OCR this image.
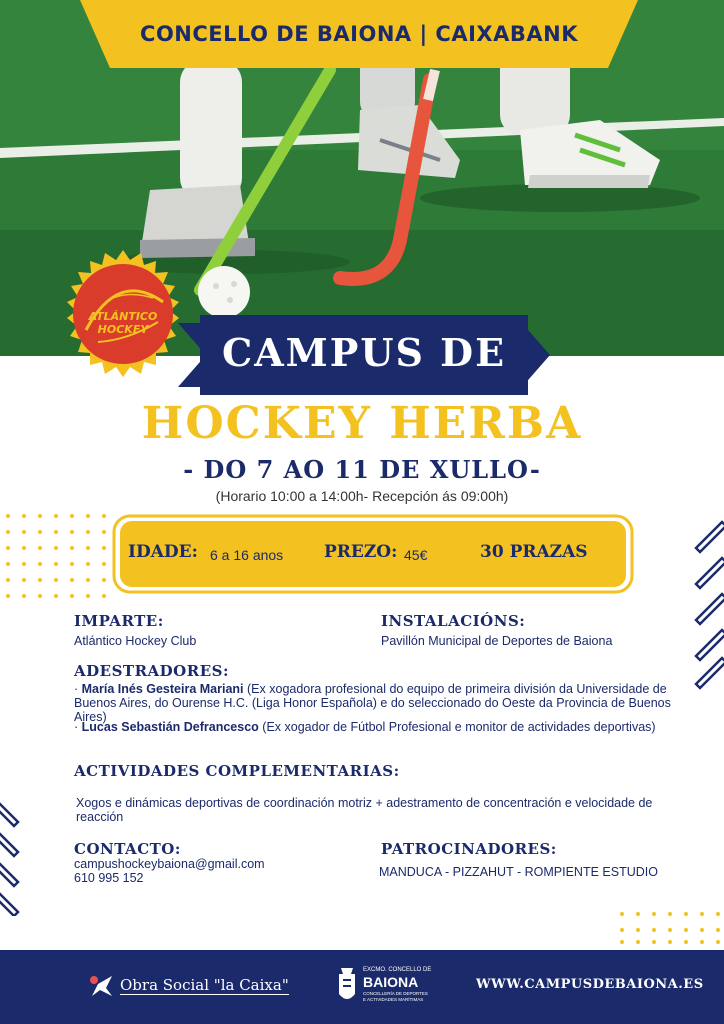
CONCELLO DE BAIONA | CAIXABANK
ATLÁNTICO
HOCKEY	CAMPUS DE
HOCKEY HERBA
- DO 7 AO 11 DE XULLO-
(Horario 10:00 a 14:00h- Recepción ás 09:00h)
IDADE: 6 a 16 anos PREZO: 45€	30 PRAZAS
IMPARTE:
Atlántico Hockey Club
INSTALACIÓNS:
Pavillón Municipal de Deportes de Baiona
ADESTRADORES:
· María Inés Gesteira Mariani (Ex xogadora profesional do equipo de primeira división da Universidade de Buenos Aires, do Ourense H.C. (Liga Honor Española) e do seleccionado do Oeste da Provincia de Buenos Aires)
· Lucas Sebastián Defrancesco (Ex xogador de Fútbol Profesional e monitor de actividades deportivas)
ACTIVIDADES COMPLEMENTARIAS:
Xogos e dinámicas deportivas de coordinación motriz + adestramento de concentración e velocidade de reacción
CONTACTO:
campushockeybaiona@gmail.com
610 995 152
PATROCINADORES:
MANDUCA - PIZZAHUT - ROMPIENTE ESTUDIO
Obra Social "la Caixa"
EXCMO. CONCELLO DE
BAIONA
CONCELLERÍA DE DEPORTES
E ACTIVIDADES MARÍTIMAS
WWW.CAMPUSDEBAIONA.ES
